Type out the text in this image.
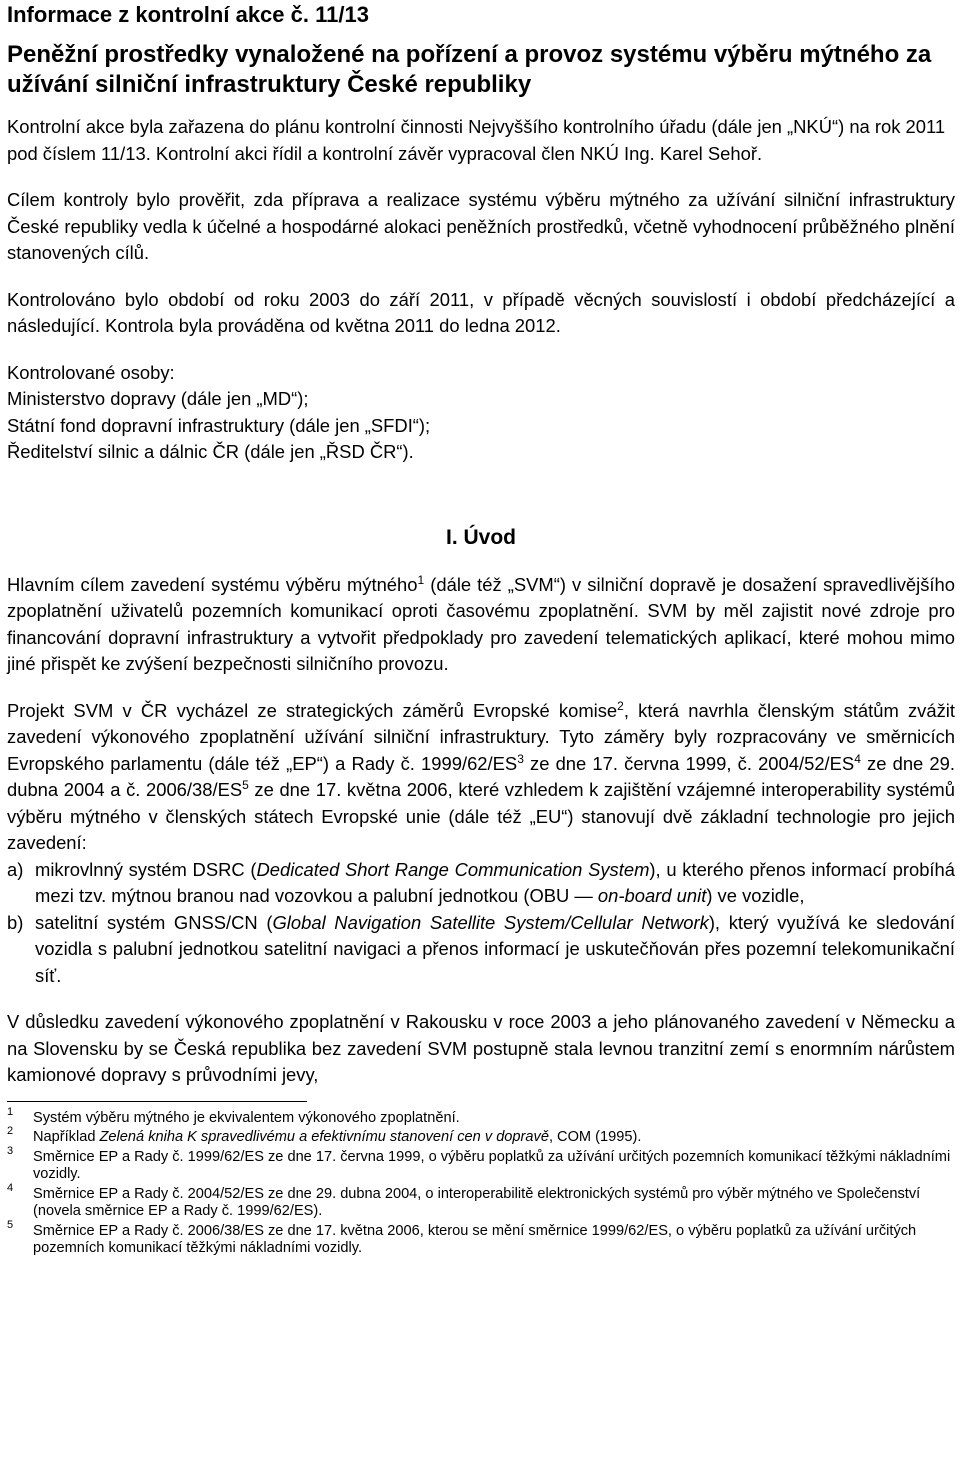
Informace z kontrolní akce č. 11/13
Peněžní prostředky vynaložené na pořízení a provoz systému výběru mýtného za užívání silniční infrastruktury České republiky

Kontrolní akce byla zařazena do plánu kontrolní činnosti Nejvyššího kontrolního úřadu (dále jen „NKÚ“) na rok 2011 pod číslem 11/13. Kontrolní akci řídil a kontrolní závěr vypracoval člen NKÚ Ing. Karel Sehoř.

Cílem kontroly bylo prověřit, zda příprava a realizace systému výběru mýtného za užívání silniční infrastruktury České republiky vedla k účelné a hospodárné alokaci peněžních prostředků, včetně vyhodnocení průběžného plnění stanovených cílů.

Kontrolováno bylo období od roku 2003 do září 2011, v případě věcných souvislostí i období předcházející a následující. Kontrola byla prováděna od května 2011 do ledna 2012.

Kontrolované osoby:

Ministerstvo dopravy (dále jen „MD“);

Státní fond dopravní infrastruktury (dále jen „SFDI“);

Ředitelství silnic a dálnic ČR (dále jen „ŘSD ČR“).

I. Úvod

Hlavním cílem zavedení systému výběru mýtného$^1$ (dále též „SVM“) v silniční dopravě je dosažení spravedlivějšího zpoplatnění uživatelů pozemních komunikací oproti časovému zpoplatnění. SVM by měl zajistit nové zdroje pro financování dopravní infrastruktury a vytvořit předpoklady pro zavedení telematických aplikací, které mohou mimo jiné přispět ke zvýšení bezpečnosti silničního provozu.

Projekt SVM v ČR vycházel ze strategických záměrů Evropské komise$^2$, která navrhla členským státům zvážit zavedení výkonového zpoplatnění užívání silniční infrastruktury. Tyto záměry byly rozpracovány ve směrnicích Evropského parlamentu (dále též „EP“) a Rady č. $1999/62/ES^3$ ze dne 17. června 1999, č. $2004/52/ES^4$ ze dne 29. dubna 2004 a č. $2006/38/ES^5$ ze dne 17. května 2006, které vzhledem k zajištění vzájemné interoperability systémů výběru mýtného v členských státech Evropské unie (dále též „EU“) stanovují dvě základní technologie pro jejich zavedení:

a) mikrovlnný systém DSRC (Dedicated Short Range Communication System), u kterého přenos informací probíhá mezi tzv. mýtnou branou nad vozovkou a palubní jednotkou (OBU — on-board unit) ve vozidle,
b) satelitní systém GNSS/CN (Global Navigation Satellite System/Cellular Network), který využívá ke sledování vozidla s palubní jednotkou satelitní navigaci a přenos informací je uskutečňován přes pozemní telekomunikační síť.

V důsledku zavedení výkonového zpoplatnění v Rakousku v roce 2003 a jeho plánovaného zavedení v Německu a na Slovensku by se Česká republika bez zavedení SVM postupně stala levnou tranzitní zemí s enormním nárůstem kamionové dopravy s průvodními jevy,

1 Systém výběru mýtného je ekvivalentem výkonového zpoplatnění.
2 Například Zelená kniha K spravedlivému a efektivnímu stanovení cen v dopravě, COM (1995).
3 Směrnice EP a Rady č. 1999/62/ES ze dne 17. června 1999, o výběru poplatků za užívání určitých pozemních komunikací těžkými nákladními vozidly.
4 Směrnice EP a Rady č. 2004/52/ES ze dne 29. dubna 2004, o interoperabilitě elektronických systémů pro výběr mýtného ve Společenství (novela směrnice EP a Rady č. 1999/62/ES).
5 Směrnice EP a Rady č. 2006/38/ES ze dne 17. května 2006, kterou se mění směrnice 1999/62/ES, o výběru poplatků za užívání určitých pozemních komunikací těžkými nákladními vozidly.
